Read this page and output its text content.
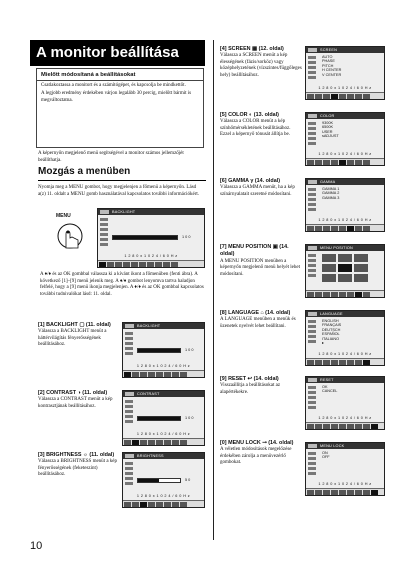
A monitor beállítása
Mielőtt módosítaná a beállításokat

Csatlakoztassa a monitort és a számítógépet, és kapcsolja be mindkettőt.

A legjobb eredmény érdekében várjon legalább 30 percig, mielőtt bármit is megváltoztatna.

A képernyőn megjelenő menü segítségével a monitor számos jellemzőjét beállíthatja.
Mozgás a menüben
Nyomja meg a MENU gombot, hogy megjelenjen a főmenü a képernyőn. Lásd a(z) 11. oldalt a MENU gomb használatával kapcsolatos további információkért.
MENU
BACKLIGHT
1 0 0
1 2 8 0 x 1 0 2 4 / 6 0 H z
A ♦/♦ és az OK gombbal válassza ki a kívánt ikont a főmenüben (fenti ábra). A következő [1]–[9] menü jelenik meg. A ♦/♦ gombot lenyomva tartva haladjon felfelé, hogy a [9] menü ikonja megjelenjen. A ♦/♦ és az OK gombbal kapcsolatos további tudnivalókat lásd: 11. oldal.
[1] BACKLIGHT ▢ (11. oldal)
Válassza a BACKLIGHT menüt a háttérvilágítás fényerősségének beállításához.
BACKLIGHT
1 0 0
1 2 8 0 x 1 0 2 4 / 6 0 H z
[2] CONTRAST ◑ (11. oldal)
Válassza a CONTRAST menüt a kép kontrasztjának beállításához.
CONTRAST
1 0 0
1 2 8 0 x 1 0 2 4 / 6 0 H z
[3] BRIGHTNESS ☼ (11. oldal)
Válassza a BRIGHTNESS menüt a kép fényerősségének (feketeszint) beállításához.
BRIGHTNESS
5 0
1 2 8 0 x 1 0 2 4 / 6 0 H z
[4] SCREEN ▦ (12. oldal)
Válassza a SCREEN menüt a kép élességének (fázis/sorköz) vagy középhelyzetének (vízszintes/függőleges hely) beállításához.
SCREEN
AUTO
PHASE
PITCH
H CENTER
V CENTER
1 2 8 0 x 1 0 2 4 / 6 0 H z
[5] COLOR ◐ (13. oldal)
Válassza a COLOR menüt a kép színhőmérsékletének beállításához. Ezzel a képernyő tónusát állítja be.
COLOR
9300K
6500K
USER
sADJUST
1 2 8 0 x 1 0 2 4 / 6 0 H z
[6] GAMMA γ (14. oldal)
Válassza a GAMMA menüt, ha a kép színárnyalatait szeretné módosítani.
GAMMA
GAMMA 1
GAMMA 2
GAMMA 3
1 2 8 0 x 1 0 2 4 / 6 0 H z
[7] MENU POSITION ▣ (14. oldal)
A MENU POSITION menüben a képernyőn megjelenő menü helyét lehet módosítani.
MENU POSITION
[8] LANGUAGE ⌂ (14. oldal)
A LANGUAGE menüben a menük és üzenetek nyelvét lehet beállítani.
LANGUAGE
ENGLISH
FRANÇAIS
DEUTSCH
ESPAÑOL
ITALIANO
▸
1 2 8 0 x 1 0 2 4 / 6 0 H z
[9] RESET ↩ (14. oldal)
Visszaállítja a beállításokat az alapértékekre.
RESET
OK
CANCEL
1 2 8 0 x 1 0 2 4 / 6 0 H z
[0] MENU LOCK ⊸ (14. oldal)
A véletlen módosítások megelőzése érdekében zárolja a menüvezérlő gombokat.
MENU LOCK
ON
OFF
1 2 8 0 x 1 0 2 4 / 6 0 H z
10
